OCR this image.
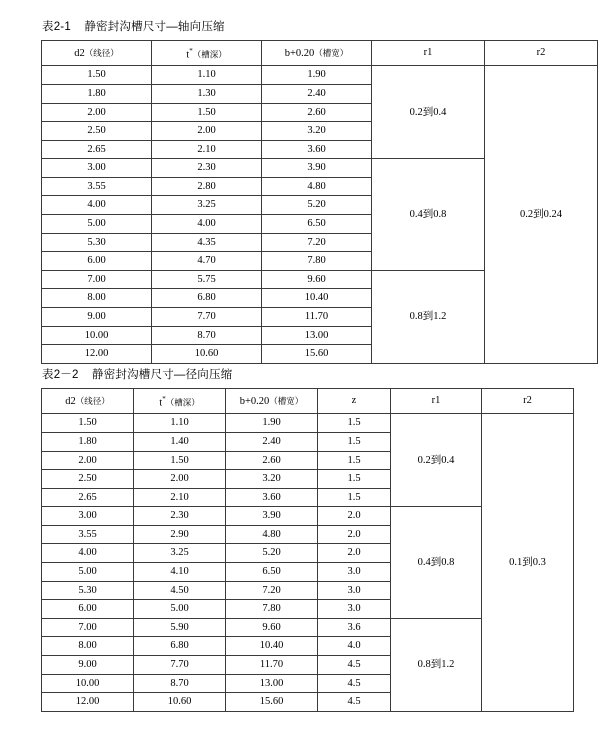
表2-1 静密封沟槽尺寸—轴向压缩
d2（线径）	t*（槽深）	b+0.20（槽宽）	r1	r2
1.50	1.10	1.90	0.2到0.4	0.2到0.24
1.80	1.30	2.40		
2.00	1.50	2.60		
2.50	2.00	3.20		
2.65	2.10	3.60		
3.00	2.30	3.90	0.4到0.8	
3.55	2.80	4.80		
4.00	3.25	5.20		
5.00	4.00	6.50		
5.30	4.35	7.20		
6.00	4.70	7.80		
7.00	5.75	9.60	0.8到1.2	
8.00	6.80	10.40		
9.00	7.70	11.70		
10.00	8.70	13.00		
12.00	10.60	15.60		
表2－2 静密封沟槽尺寸—径向压缩
d2（线径）	t*（槽深）	b+0.20（槽宽）	z	r1	r2
1.50	1.10	1.90	1.5	0.2到0.4	0.1到0.3
1.80	1.40	2.40	1.5		
2.00	1.50	2.60	1.5		
2.50	2.00	3.20	1.5		
2.65	2.10	3.60	1.5		
3.00	2.30	3.90	2.0	0.4到0.8	
3.55	2.90	4.80	2.0		
4.00	3.25	5.20	2.0		
5.00	4.10	6.50	3.0		
5.30	4.50	7.20	3.0		
6.00	5.00	7.80	3.0		
7.00	5.90	9.60	3.6	0.8到1.2	
8.00	6.80	10.40	4.0		
9.00	7.70	11.70	4.5		
10.00	8.70	13.00	4.5		
12.00	10.60	15.60	4.5		
